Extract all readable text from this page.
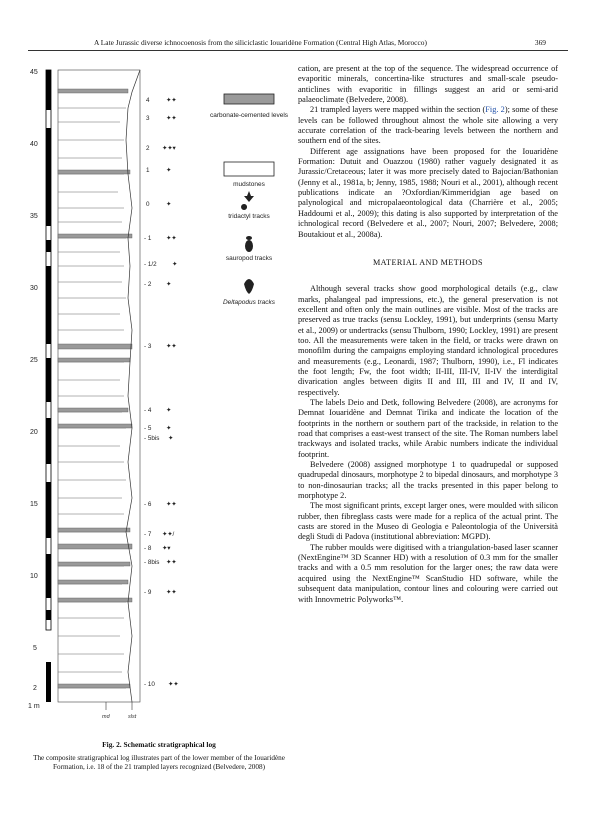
A Late Jurassic diverse ichnocoenosis from the siliciclastic Iouaridène Formation (Central High Atlas, Morocco)	369
45
40
35
30
25
20
15
10
5
2
1 m
md	slst
4	✦✦
3	✦✦
2 ✦✦▾
1	✦
0	✦
- 1 ✦✦
- 1/2 ✦
- 2 ✦
- 3 ✦✦
- 4 ✦
- 5 ✦
- 5bis ✦
- 6 ✦✦
- 7 ✦✦/
- 8 ✦▾
- 8bis ✦✦
- 9 ✦✦
- 10 ✦✦
carbonate-cemented levels
mudstones
tridactyl tracks
sauropod tracks
Deltapodus tracks
Fig. 2. Schematic stratigraphical log
The composite stratigraphical log illustrates part of the lower member of the Iouaridène Formation, i.e. 18 of the 21 trampled layers recognized (Belvedere, 2008)

cation, are present at the top of the sequence. The widespread occurrence of evaporitic minerals, concertina-like structures and small-scale pseudo-anticlines with evaporitic in fillings suggest an arid or semi-arid palaeoclimate (Belvedere, 2008).

21 trampled layers were mapped within the section (Fig. 2); some of these levels can be followed throughout almost the whole site allowing a very accurate correlation of the track-bearing levels between the northern and southern end of the sites.

Different age assignations have been proposed for the Iouaridène Formation: Dutuit and Ouazzou (1980) rather vaguely designated it as Jurassic/Cretaceous; later it was more precisely dated to Bajocian/Bathonian (Jenny et al., 1981a, b; Jenny, 1985, 1988; Nouri et al., 2001), although recent publications indicate an ?Oxfordian/Kimmeridgian age based on palynological and micropalaeontological data (Charrière et al., 2005; Haddoumi et al., 2009); this dating is also supported by interpretation of the ichnological record (Belvedere et al., 2007; Nouri, 2007; Belvedere, 2008; Boutakiout et al., 2008a).

MATERIAL AND METHODS

Although several tracks show good morphological details (e.g., claw marks, phalangeal pad impressions, etc.), the general preservation is not excellent and often only the main outlines are visible. Most of the tracks are preserved as true tracks (sensu Lockley, 1991), but underprints (sensu Marty et al., 2009) or undertracks (sensu Thulborn, 1990; Lockley, 1991) are present too. All the measurements were taken in the field, or tracks were drawn on monofilm during the campaigns employing standard ichnological procedures and measurements (e.g., Leonardi, 1987; Thulborn, 1990), i.e., Fl indicates the foot length; Fw, the foot width; II-III, III-IV, II-IV the interdigital divarication angles between digits II and III, III and IV, II and IV, respectively.

The labels Deio and Detk, following Belvedere (2008), are acronyms for Demnat Iouaridène and Demnat Tirika and indicate the location of the footprints in the northern or southern part of the trackside, in relation to the road that comprises a east-west transect of the site. The Roman numbers label trackways and isolated tracks, while Arabic numbers indicate the individual footprint.

Belvedere (2008) assigned morphotype 1 to quadrupedal or supposed quadrupedal dinosaurs, morphotype 2 to bipedal dinosaurs, and morphotype 3 to non-dinosaurian tracks; all the tracks presented in this paper belong to morphotype 2.

The most significant prints, except larger ones, were moulded with silicon rubber, then fibreglass casts were made for a replica of the actual print. The casts are stored in the Museo di Geologia e Paleontologia of the Università degli Studi di Padova (institutional abbreviation: MGPD).

The rubber moulds were digitised with a triangulation-based laser scanner (NextEngine™ 3D Scanner HD) with a resolution of 0.3 mm for the smaller tracks and with a 0.5 mm resolution for the larger ones; the raw data were acquired using the NextEngine™ ScanStudio HD software, while the subsequent data manipulation, contour lines and colouring were carried out with Innovmetric Polyworks™.
